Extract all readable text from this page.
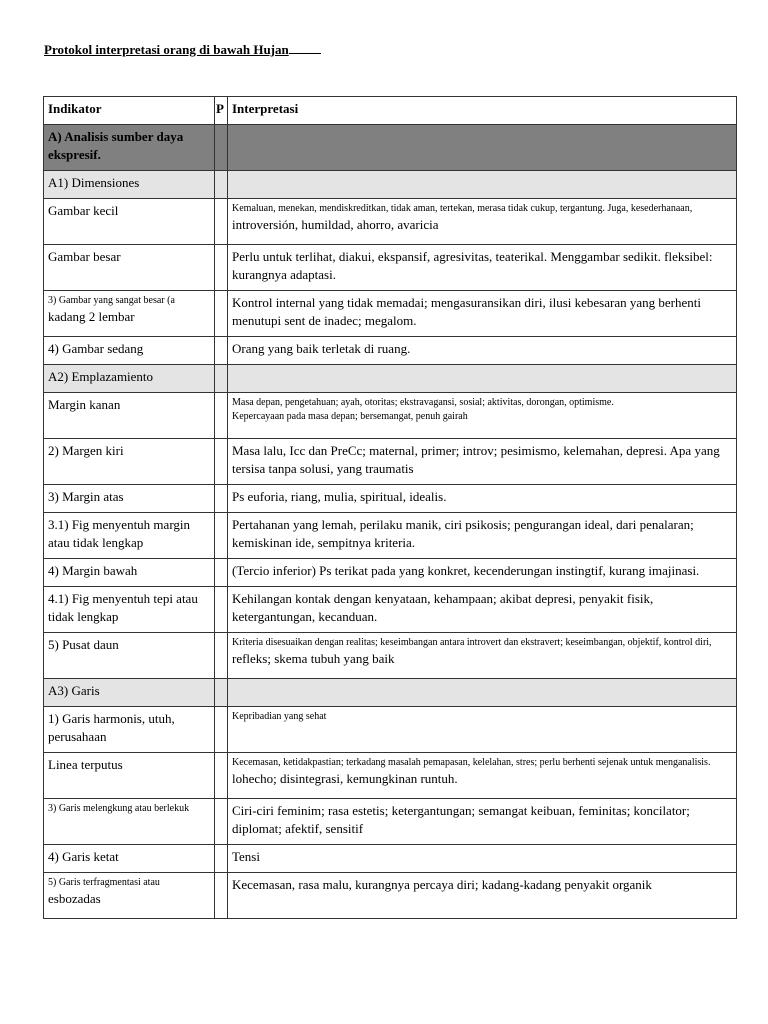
Protokol interpretasi orang di bawah Hujan
Indikator	P	Interpretasi
A) Analisis sumber daya ekspresif.		
A1) Dimensiones		
Gambar kecil		Kemaluan, menekan, mendiskreditkan, tidak aman, tertekan, merasa tidak cukup, tergantung. Juga, kesederhanaan,
introversión, humildad, ahorro, avaricia

Gambar besar		Perlu untuk terlihat, diakui, ekspansif, agresivitas, teaterikal. Menggambar sedikit. fleksibel: kurangnya adaptasi.

3) Gambar yang sangat besar (a
kadang 2 lembar		Kontrol internal yang tidak memadai; mengasuransikan diri, ilusi kebesaran yang berhenti menutupi sent de inadec; megalom.

4) Gambar sedang		Orang yang baik terletak di ruang.
A2) Emplazamiento		
Margin kanan		Masa depan, pengetahuan; ayah, otoritas; ekstravagansi, sosial; aktivitas, dorongan, optimisme.
Kepercayaan pada masa depan; bersemangat, penuh gairah

2) Margen kiri		Masa lalu, Icc dan PreCc; maternal, primer; introv; pesimismo, kelemahan, depresi. Apa yang
tersisa tanpa solusi, yang traumatis

3) Margin atas		Ps euforia, riang, mulia, spiritual, idealis.
3.1) Fig menyentuh margin atau tidak lengkap		Pertahanan yang lemah, perilaku manik, ciri psikosis; pengurangan ideal, dari penalaran; kemiskinan ide, sempitnya kriteria.

4) Margin bawah		(Tercio inferior) Ps terikat pada yang konkret, kecenderungan instingtif, kurang imajinasi.
4.1) Fig menyentuh tepi atau tidak lengkap		Kehilangan kontak dengan kenyataan, kehampaan; akibat depresi, penyakit fisik, ketergantungan, kecanduan.

5) Pusat daun		Kriteria disesuaikan dengan realitas; keseimbangan antara introvert dan ekstravert; keseimbangan, objektif, kontrol diri,
refleks; skema tubuh yang baik

A3) Garis		
1) Garis harmonis, utuh, perusahaan		Kepribadian yang sehat

Linea terputus		Kecemasan, ketidakpastian; terkadang masalah pemapasan, kelelahan, stres; perlu berhenti sejenak untuk menganalisis.
lohecho; disintegrasi, kemungkinan runtuh.

3) Garis melengkung atau berlekuk		Ciri-ciri feminim; rasa estetis; ketergantungan; semangat keibuan, feminitas; koncilator; diplomat; afektif, sensitif

4) Garis ketat		Tensi

5) Garis terfragmentasi atau
esbozadas		Kecemasan, rasa malu, kurangnya percaya diri; kadang-kadang penyakit organik
